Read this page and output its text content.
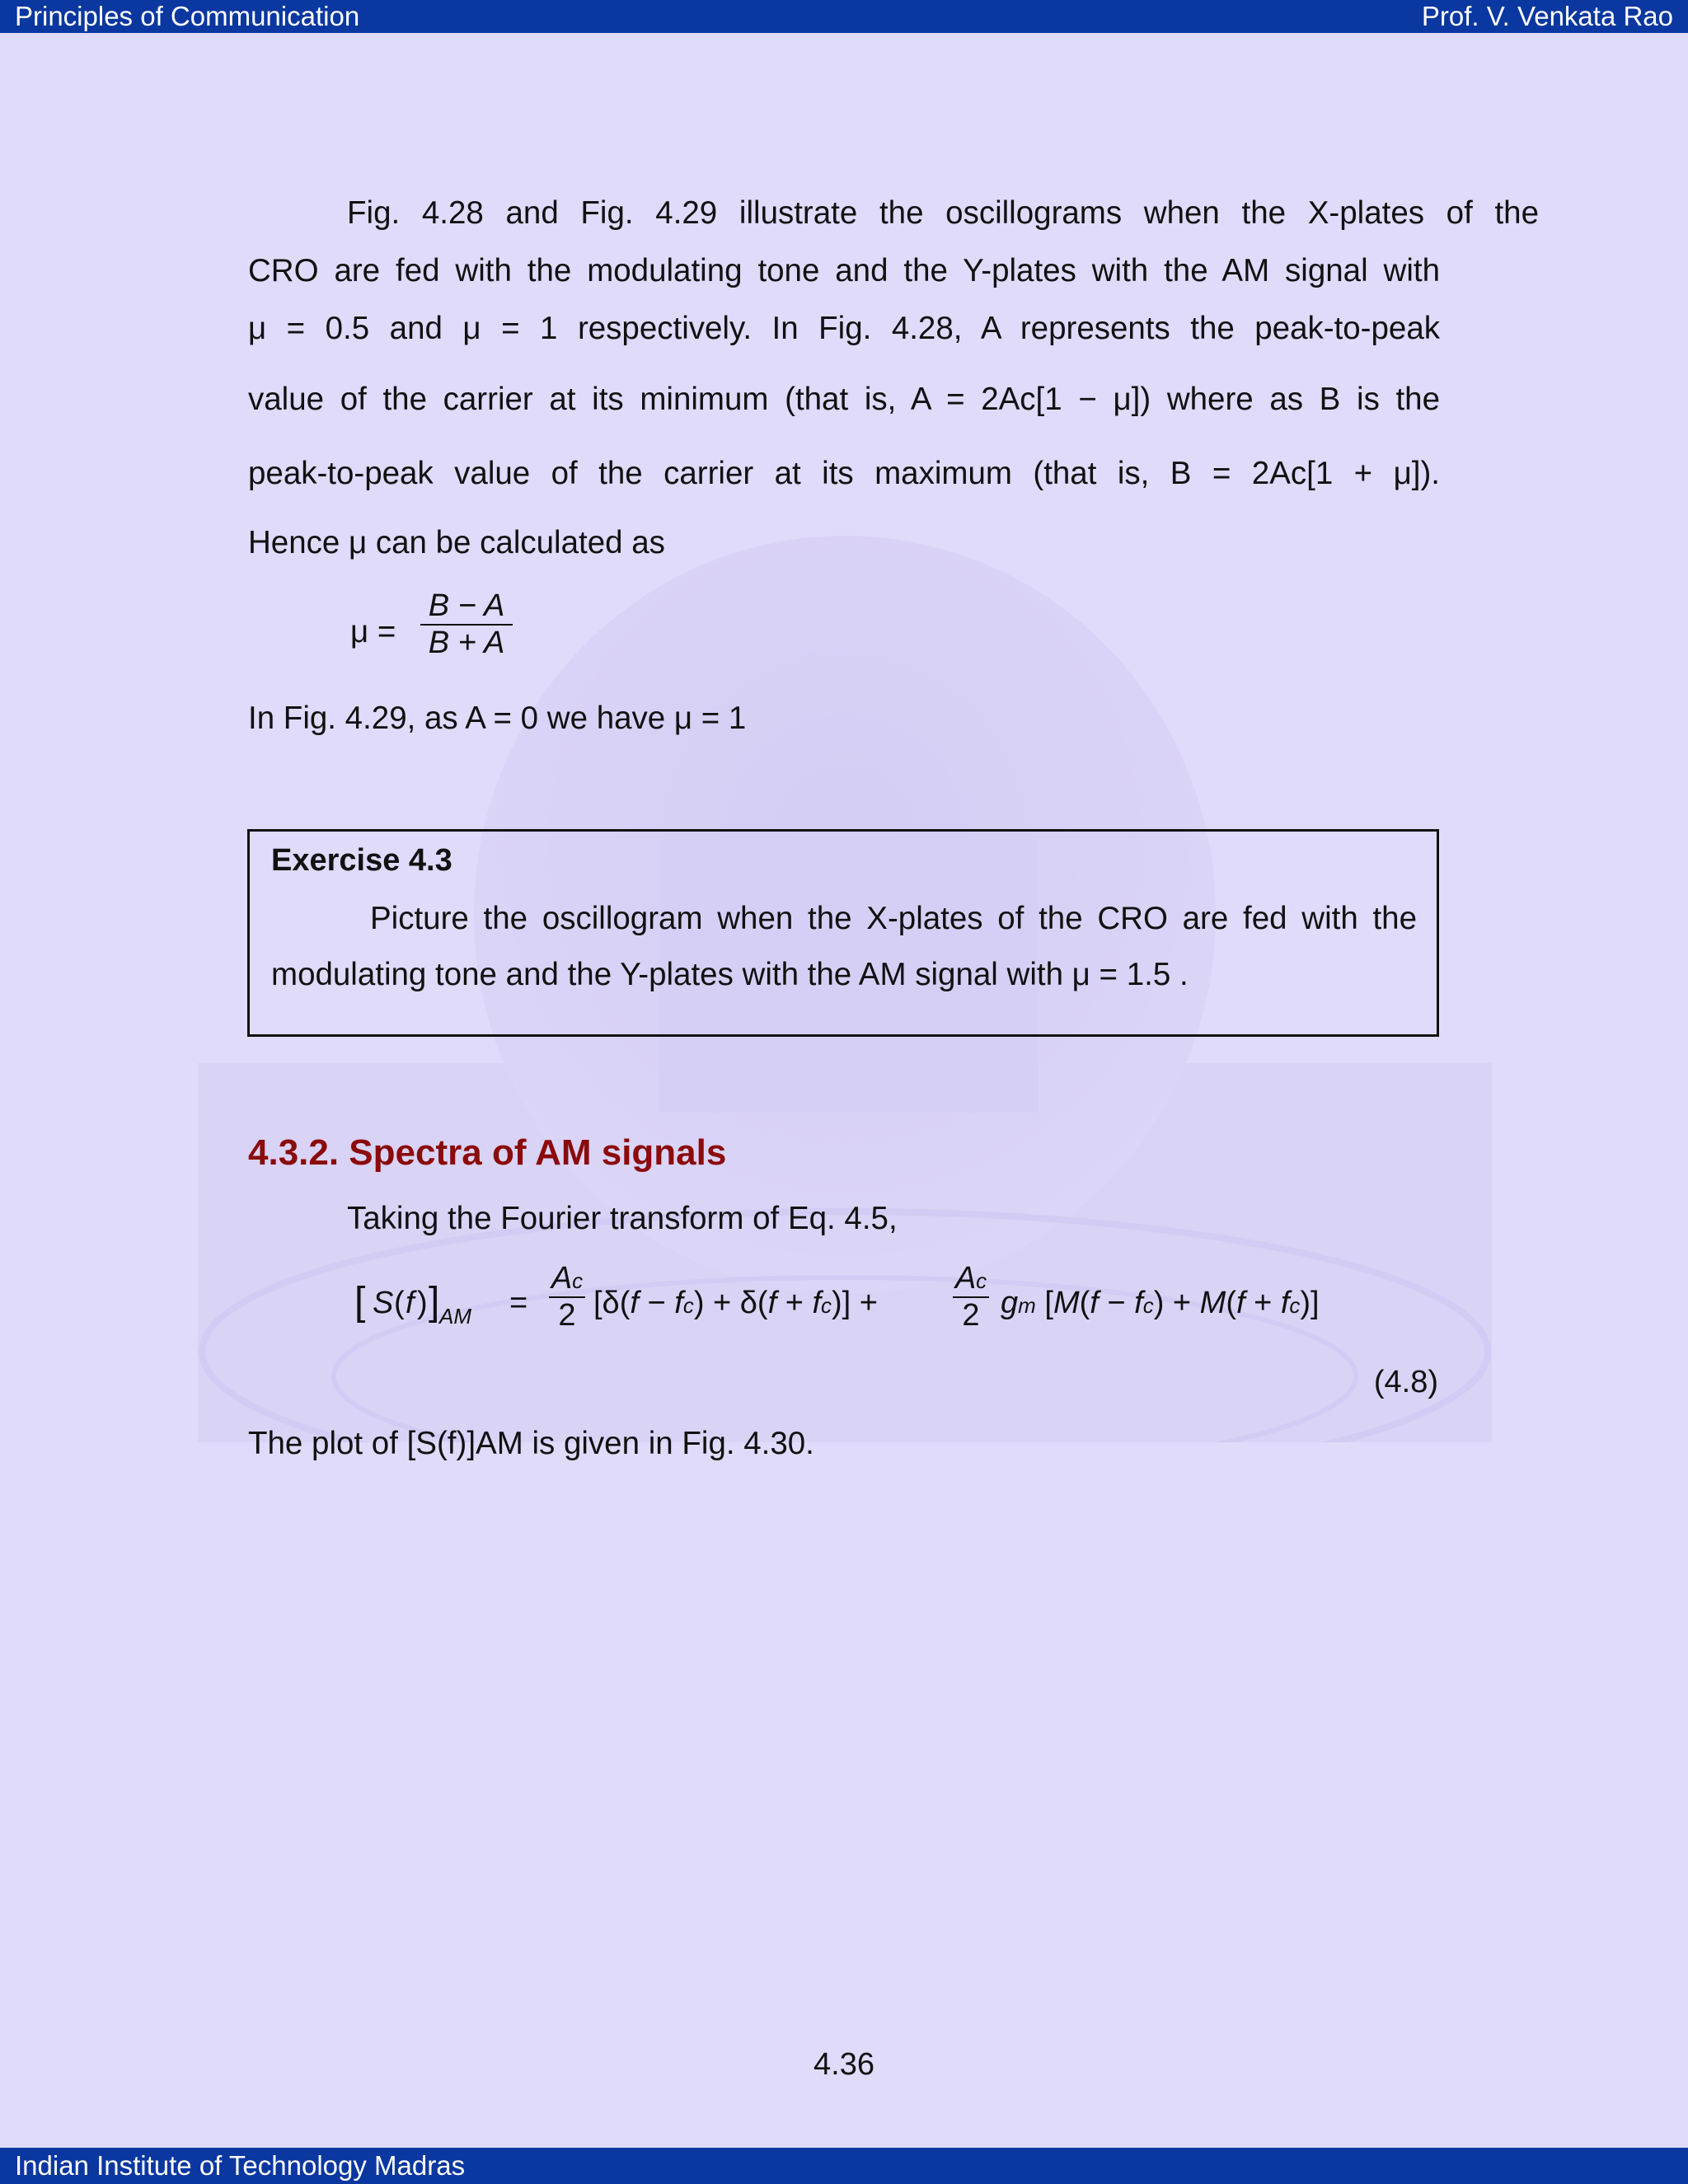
Principles of Communication	Prof. V. Venkata Rao
Fig. 4.28 and Fig. 4.29 illustrate the oscillograms when the X-plates of the
CRO are fed with the modulating tone and the Y-plates with the AM signal with
μ = 0.5 and μ = 1 respectively. In Fig. 4.28, A represents the peak-to-peak
value of the carrier at its minimum (that is, A = 2Ac[1 − μ]) where as B is the
peak-to-peak value of the carrier at its maximum (that is, B = 2Ac[1 + μ]).
Hence μ can be calculated as
μ =
B − A
B + A
In Fig. 4.29, as A = 0 we have μ = 1
Exercise 4.3
Picture the oscillogram when the X-plates of the CRO are fed with the
modulating tone and the Y-plates with the AM signal with μ = 1.5 .
4.3.2. Spectra of AM signals
Taking the Fourier transform of Eq. 4.5,
[ S ( f ) ] AM =
Ac
2 [δ(f − fc) + δ(f + fc)] +
Ac
2 gm [M(f − fc) + M(f + fc)]
(4.8)
The plot of [S(f)]AM is given in Fig. 4.30.
4.36
Indian Institute of Technology Madras
